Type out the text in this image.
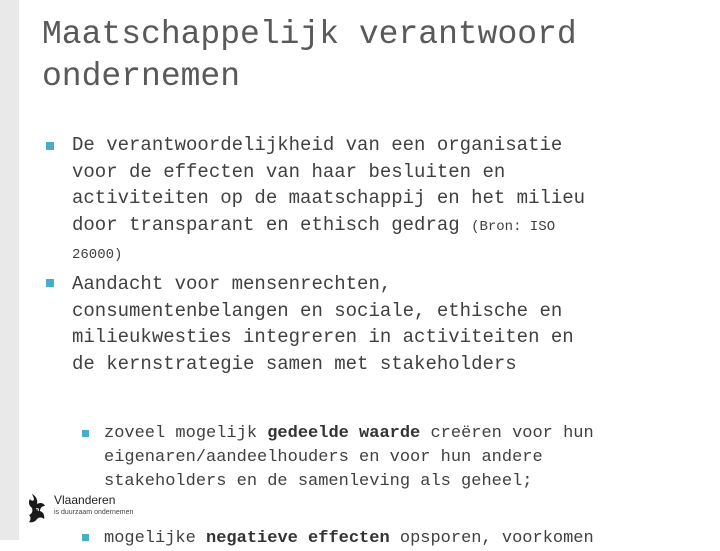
Maatschappelijk verantwoord
ondernemen

De verantwoordelijkheid van een organisatie
voor de effecten van haar besluiten en
activiteiten op de maatschappij en het milieu
door transparant en ethisch gedrag (Bron: ISO
26000)

Aandacht voor mensenrechten,
consumentenbelangen en sociale, ethische en
milieukwesties integreren in activiteiten en
de kernstrategie samen met stakeholders

zoveel mogelijk gedeelde waarde creëren voor hun
eigenaren/aandeelhouders en voor hun andere
stakeholders en de samenleving als geheel;

mogelijke negatieve effecten opsporen, voorkomen

Vlaanderen
is duurzaam ondernemen
